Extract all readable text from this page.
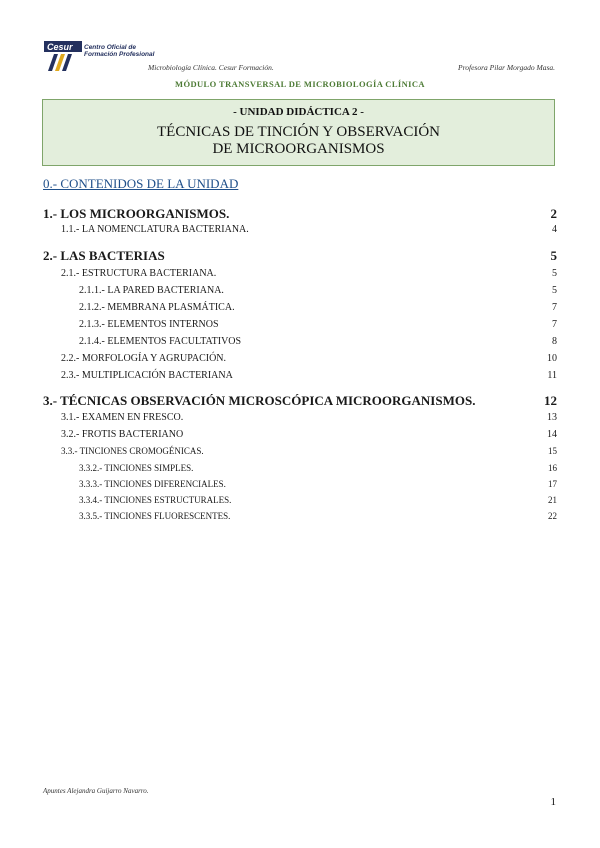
Cesur Centro Oficial de
Formación Profesional
Microbiología Clínica. Cesur Formación.	Profesora Pilar Morgado Masa.
MÓDULO TRANSVERSAL DE MICROBIOLOGÍA CLÍNICA
- UNIDAD DIDÁCTICA 2 -
TÉCNICAS DE TINCIÓN Y OBSERVACIÓN
DE MICROORGANISMOS
0.- CONTENIDOS DE LA UNIDAD
1.- LOS MICROORGANISMOS.	2
1.1.- LA NOMENCLATURA BACTERIANA.	4
2.- LAS BACTERIAS	5
2.1.- ESTRUCTURA BACTERIANA.	5
2.1.1.- LA PARED BACTERIANA.	5
2.1.2.- MEMBRANA PLASMÁTICA.	7
2.1.3.- ELEMENTOS INTERNOS	7
2.1.4.- ELEMENTOS FACULTATIVOS	8
2.2.- MORFOLOGÍA Y AGRUPACIÓN.	10
2.3.- MULTIPLICACIÓN BACTERIANA	11
3.- TÉCNICAS OBSERVACIÓN MICROSCÓPICA MICROORGANISMOS.	12
3.1.- EXAMEN EN FRESCO.	13
3.2.- FROTIS BACTERIANO	14
3.3.- TINCIONES CROMOGÉNICAS.	15
3.3.2.- TINCIONES SIMPLES.	16
3.3.3.- TINCIONES DIFERENCIALES.	17
3.3.4.- TINCIONES ESTRUCTURALES.	21
3.3.5.- TINCIONES FLUORESCENTES.	22
Apuntes Alejandra Guijarro Navarro.
1
